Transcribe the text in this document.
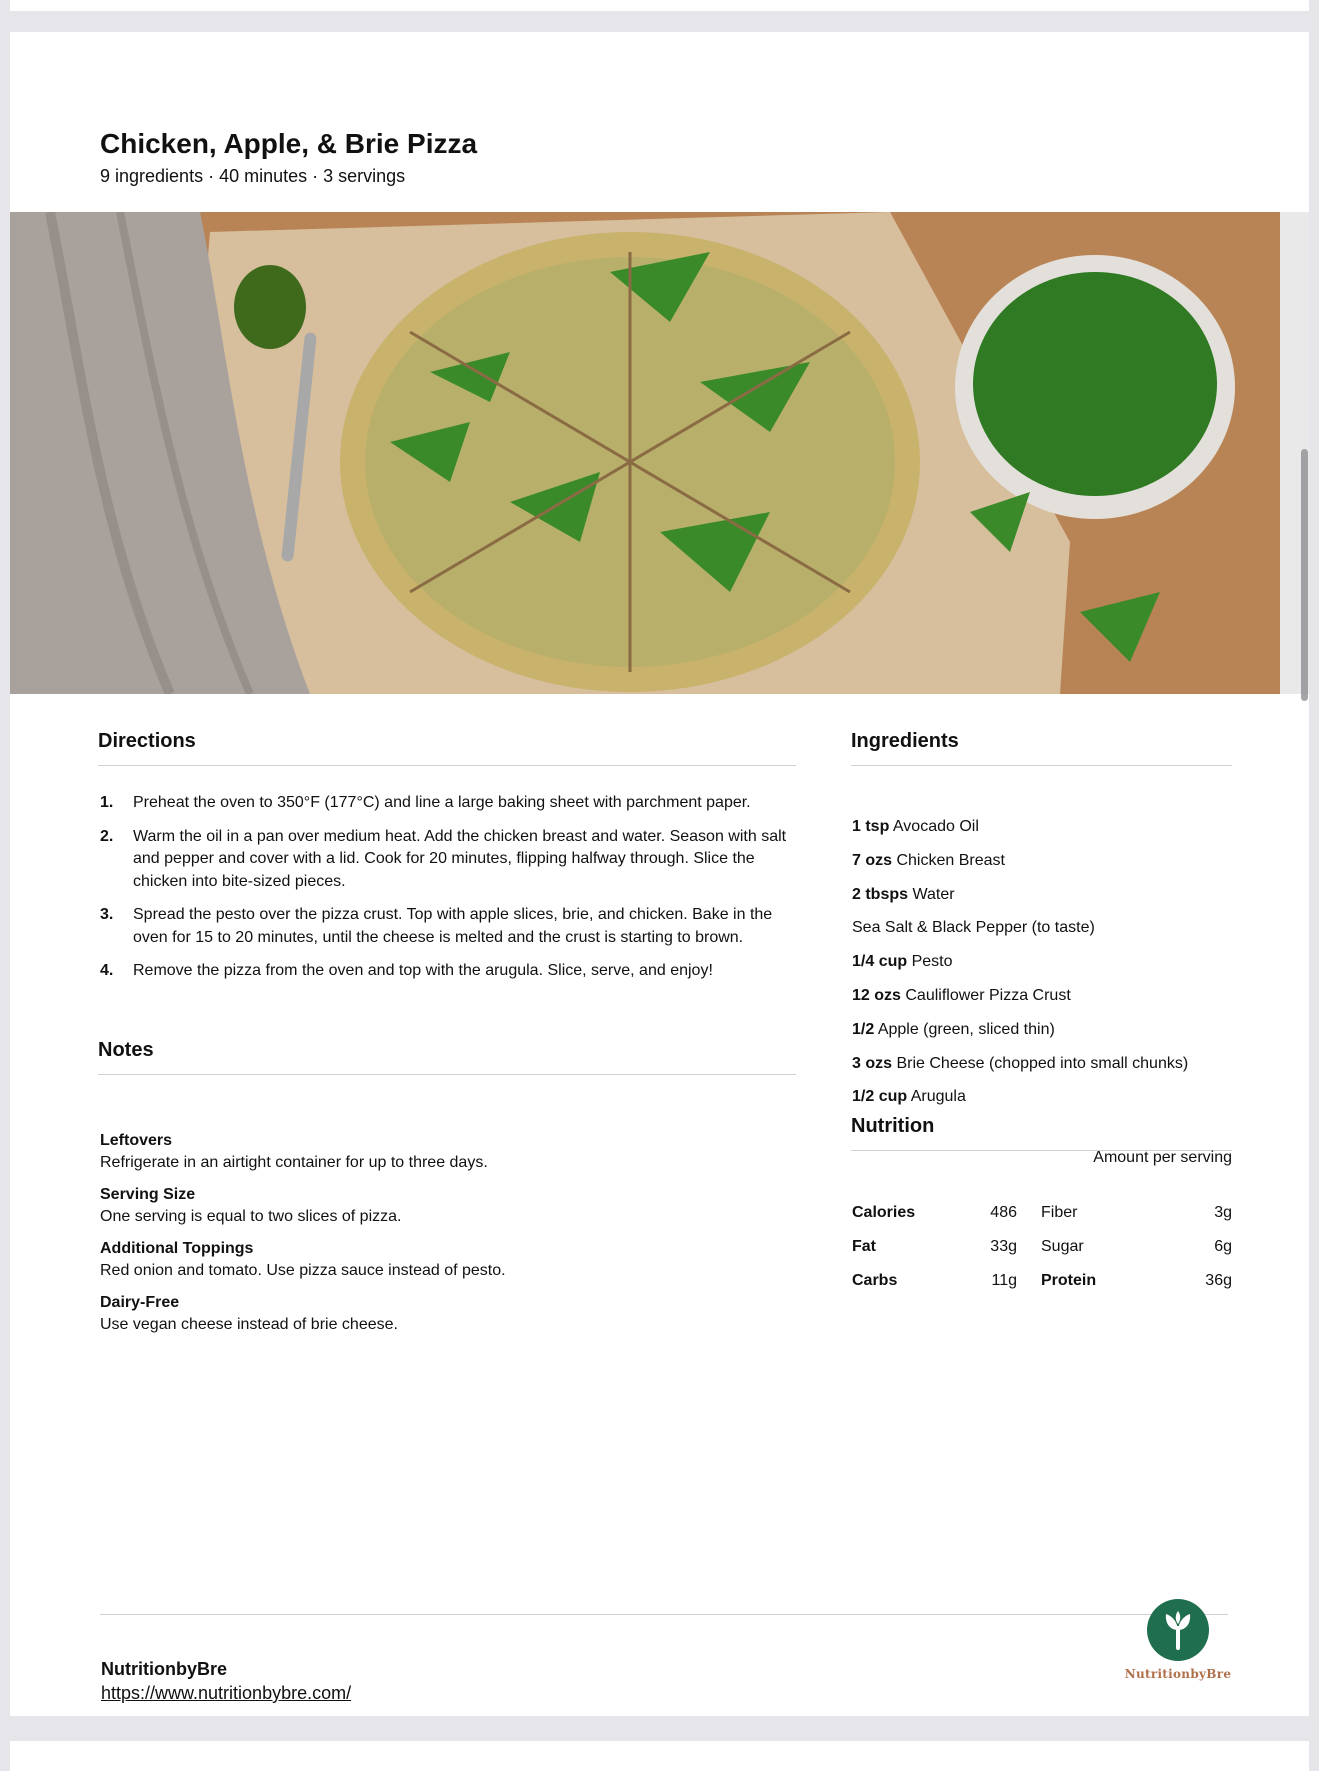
Chicken, Apple, & Brie Pizza
9 ingredients · 40 minutes · 3 servings
Directions
1. Preheat the oven to 350°F (177°C) and line a large baking sheet with parchment paper.
2. Warm the oil in a pan over medium heat. Add the chicken breast and water. Season with salt and pepper and cover with a lid. Cook for 20 minutes, flipping halfway through. Slice the chicken into bite-sized pieces.
3. Spread the pesto over the pizza crust. Top with apple slices, brie, and chicken. Bake in the oven for 15 to 20 minutes, until the cheese is melted and the crust is starting to brown.
4. Remove the pizza from the oven and top with the arugula. Slice, serve, and enjoy!
Notes
Leftovers
Refrigerate in an airtight container for up to three days.
Serving Size
One serving is equal to two slices of pizza.
Additional Toppings
Red onion and tomato. Use pizza sauce instead of pesto.
Dairy-Free
Use vegan cheese instead of brie cheese.
Ingredients
1 tsp Avocado Oil
7 ozs Chicken Breast
2 tbsps Water
Sea Salt & Black Pepper (to taste)
1/4 cup Pesto
12 ozs Cauliflower Pizza Crust
1/2 Apple (green, sliced thin)
3 ozs Brie Cheese (chopped into small chunks)
1/2 cup Arugula
Nutrition
Amount per serving
Calories	486		Fiber	3g
Fat	33g		Sugar	6g
Carbs	11g		Protein	36g
NutritionbyBre
https://www.nutritionbybre.com/
NutritionbyBre
